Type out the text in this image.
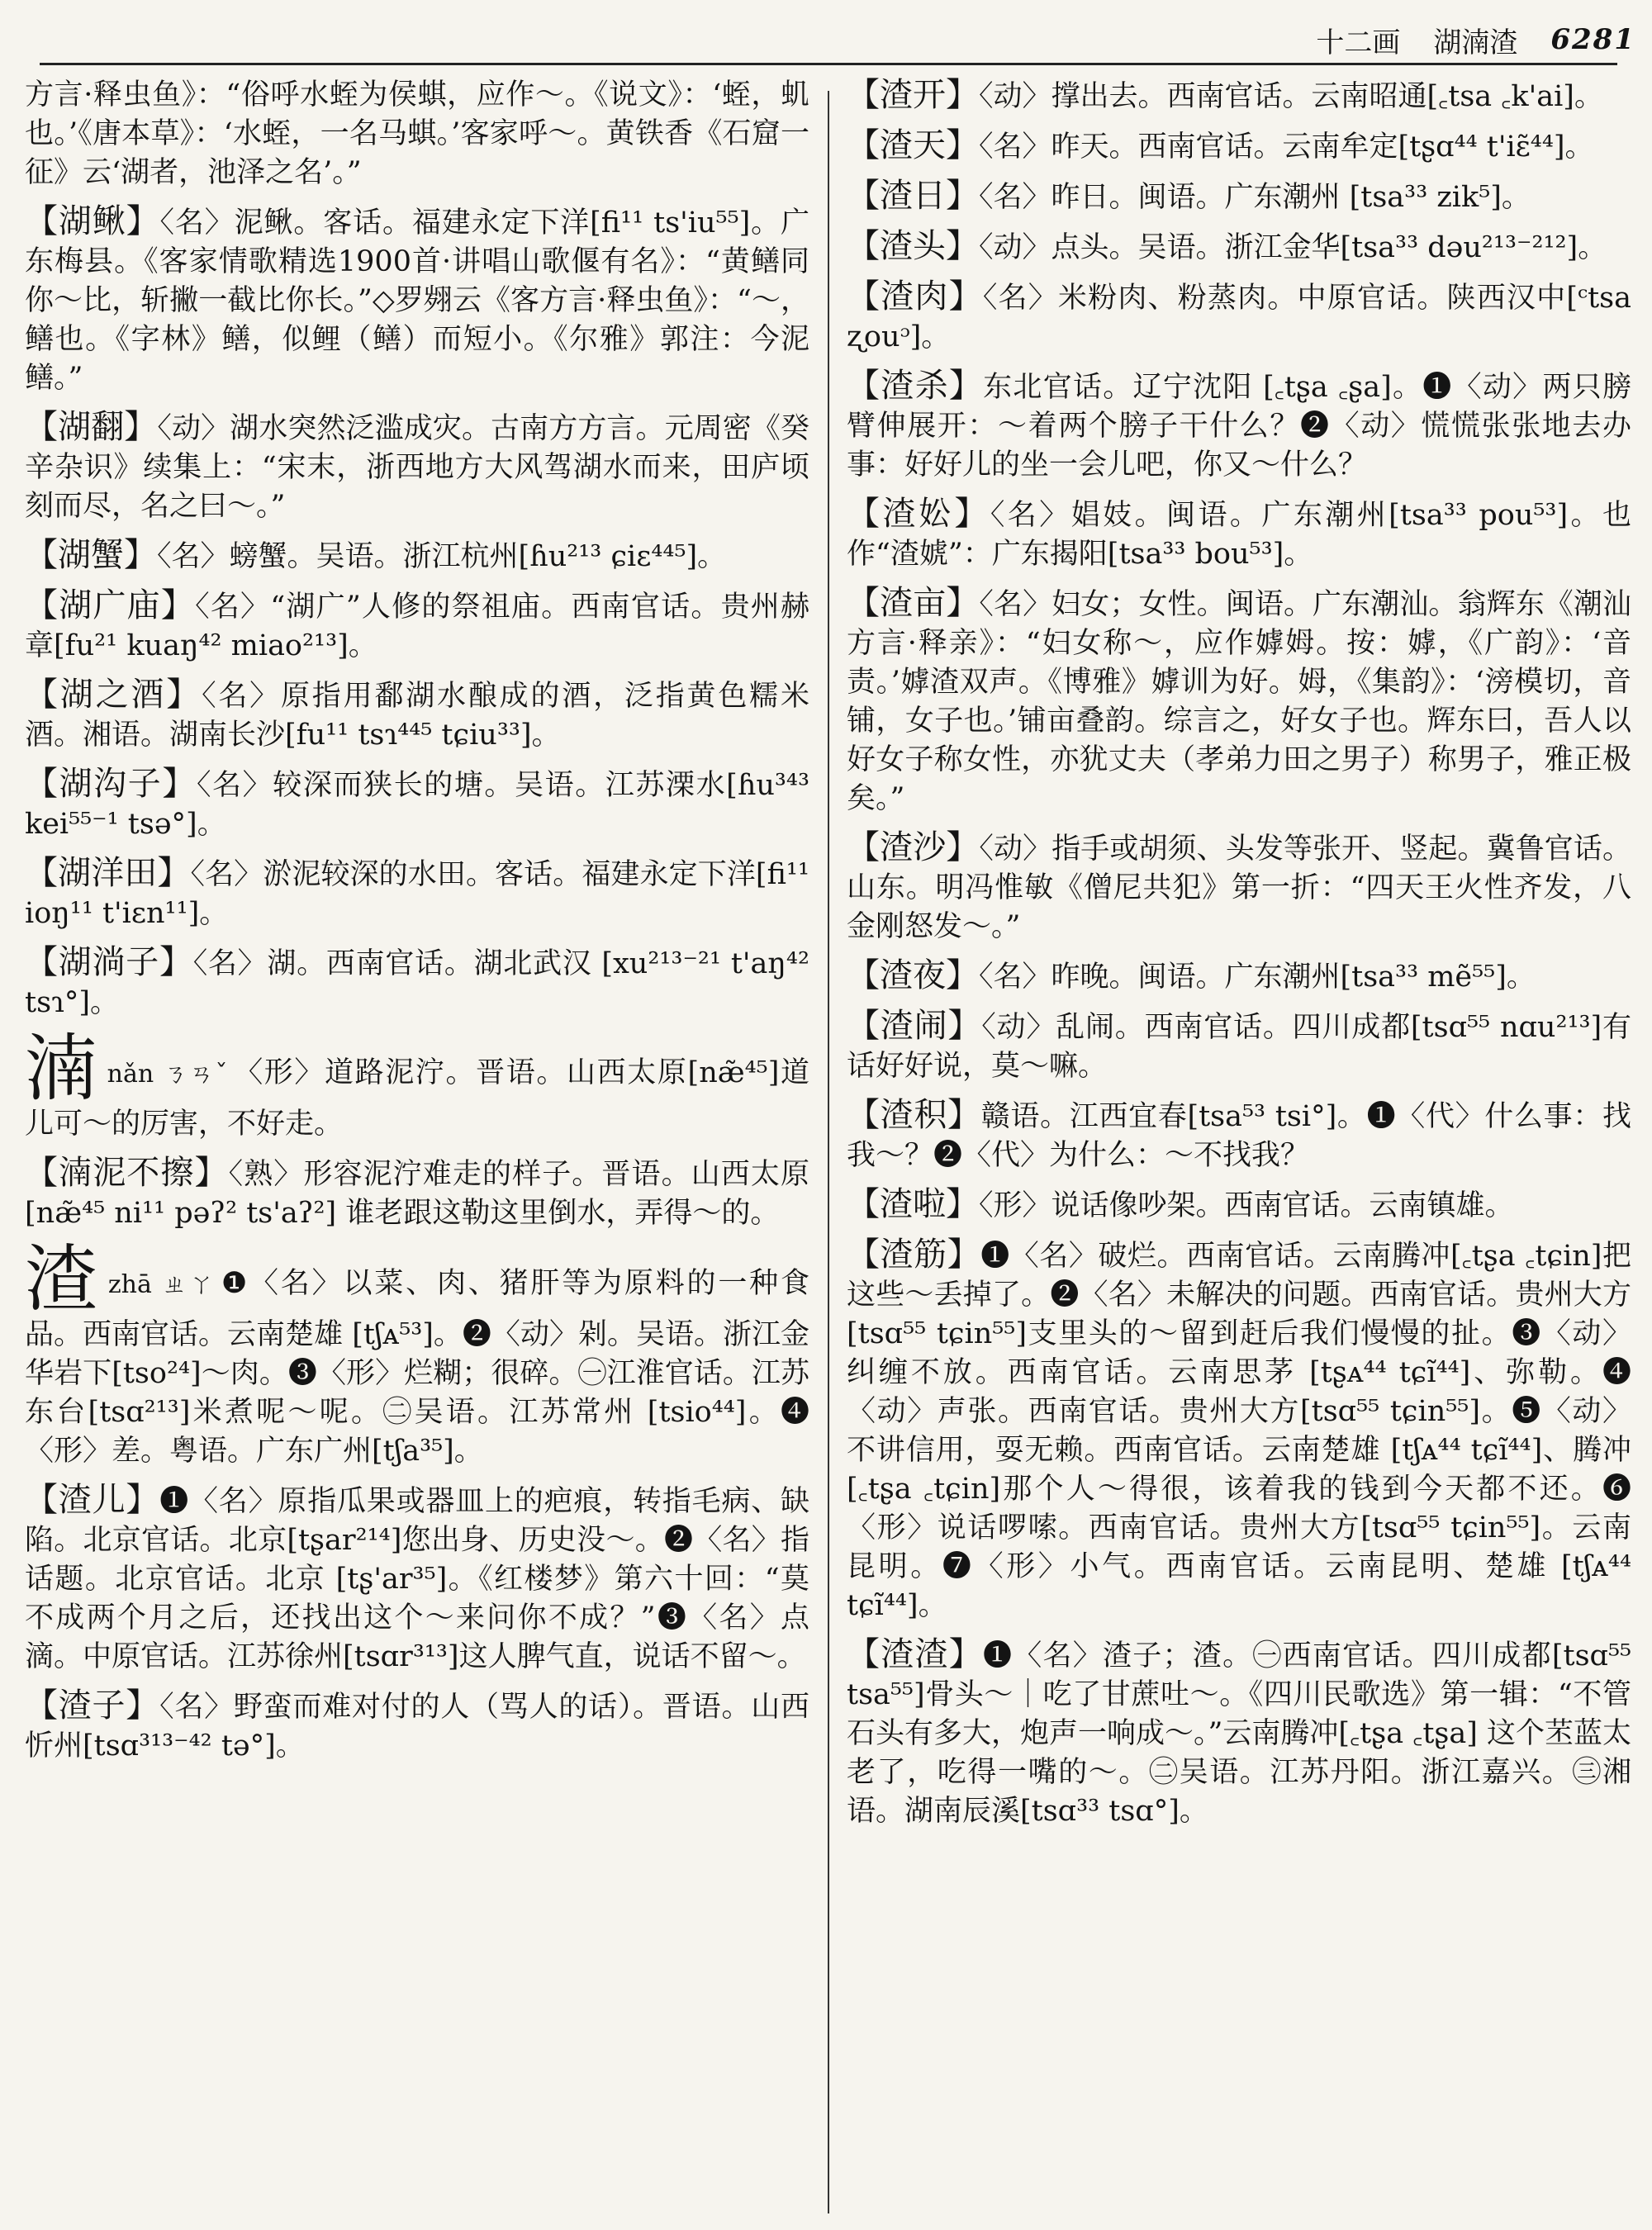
十二画 湖湳渣 6281
方言·释虫鱼》：“俗呼水蛭为侯蜞，应作～。《说文》：‘蛭，虮也。’《唐本草》：‘水蛭，一名马蜞。’客家呼～。黄铁香《石窟一征》云‘湖者，池泽之名’。”
【湖鳅】〈名〉泥鳅。客话。福建永定下洋[fi¹¹ ts'iu⁵⁵]。广东梅县。《客家情歌精选1900首·讲唱山歌偃有名》：“黄鳝同你～比，斩撇一截比你长。”◇罗翙云《客方言·释虫鱼》：“～，鳝也。《字林》鳝，似鲤（鳝）而短小。《尔雅》郭注：今泥鳝。”
【湖翻】〈动〉湖水突然泛滥成灾。古南方方言。元周密《癸辛杂识》续集上：“宋末，浙西地方大风驾湖水而来，田庐顷刻而尽，名之曰～。”
【湖蟹】〈名〉螃蟹。吴语。浙江杭州[ɦu²¹³ ɕiɛ⁴⁴⁵]。
【湖广庙】〈名〉“湖广”人修的祭祖庙。西南官话。贵州赫章[fu²¹ kuaŋ⁴² miao²¹³]。
【湖之酒】〈名〉原指用鄱湖水酿成的酒，泛指黄色糯米酒。湘语。湖南长沙[fu¹¹ tsɿ⁴⁴⁵ tɕiu³³]。
【湖沟子】〈名〉较深而狭长的塘。吴语。江苏溧水[ɦu³⁴³ kei⁵⁵⁻¹ tsə°]。
【湖洋田】〈名〉淤泥较深的水田。客话。福建永定下洋[fi¹¹ ioŋ¹¹ t'iɛn¹¹]。
【湖淌子】〈名〉湖。西南官话。湖北武汉 [xu²¹³⁻²¹ t'aŋ⁴² tsɿ°]。
湳nǎn ㄋㄢˇ 〈形〉道路泥泞。晋语。山西太原[næ̃⁴⁵]道儿可～的厉害，不好走。
【湳泥不擦】〈熟〉形容泥泞难走的样子。晋语。山西太原[næ̃⁴⁵ ni¹¹ pəʔ² ts'aʔ²] 谁老跟这勒这里倒水，弄得～的。
渣zhā ㄓㄚ ❶〈名〉以菜、肉、猪肝等为原料的一种食品。西南官话。云南楚雄 [tʃᴀ⁵³]。❷〈动〉剁。吴语。浙江金华岩下[tso²⁴]～肉。❸〈形〉烂糊；很碎。㊀江淮官话。江苏东台[tsɑ²¹³]米煮呢～呢。㊁吴语。江苏常州 [tsio⁴⁴]。❹〈形〉差。粤语。广东广州[tʃa³⁵]。
【渣儿】❶〈名〉原指瓜果或器皿上的疤痕，转指毛病、缺陷。北京官话。北京[tʂar²¹⁴]您出身、历史没～。❷〈名〉指话题。北京官话。北京 [tʂ'ar³⁵]。《红楼梦》第六十回：“莫不成两个月之后，还找出这个～来问你不成？”❸〈名〉点滴。中原官话。江苏徐州[tsɑr³¹³]这人脾气直，说话不留～。
【渣子】〈名〉野蛮而难对付的人（骂人的话）。晋语。山西忻州[tsɑ³¹³⁻⁴² tə°]。
【渣开】〈动〉撑出去。西南官话。云南昭通[꜀tsa ꜀k'ai]。
【渣天】〈名〉昨天。西南官话。云南牟定[tʂɑ⁴⁴ t'iɛ̃⁴⁴]。
【渣日】〈名〉昨日。闽语。广东潮州 [tsa³³ zik⁵]。
【渣头】〈动〉点头。吴语。浙江金华[tsa³³ dəu²¹³⁻²¹²]。
【渣肉】〈名〉米粉肉、粉蒸肉。中原官话。陕西汉中[ᶜtsa ʐouᵓ]。
【渣杀】东北官话。辽宁沈阳 [꜀tʂa ꜀ʂa]。❶〈动〉两只膀臂伸展开：～着两个膀子干什么？❷〈动〉慌慌张张地去办事：好好儿的坐一会儿吧，你又～什么？
【渣妐】〈名〉娼妓。闽语。广东潮州[tsa³³ pou⁵³]。也作“渣婋”：广东揭阳[tsa³³ bou⁵³]。
【渣亩】〈名〉妇女；女性。闽语。广东潮汕。翁辉东《潮汕方言·释亲》：“妇女称～，应作嫭姆。按：嫭，《广韵》：‘音责。’嫭渣双声。《博雅》嫭训为好。姆，《集韵》：‘滂模切，音铺，女子也。’铺亩叠韵。综言之，好女子也。辉东曰，吾人以好女子称女性，亦犹丈夫（孝弟力田之男子）称男子，雅正极矣。”
【渣沙】〈动〉指手或胡须、头发等张开、竖起。冀鲁官话。山东。明冯惟敏《僧尼共犯》第一折：“四天王火性齐发，八金刚怒发～。”
【渣夜】〈名〉昨晚。闽语。广东潮州[tsa³³ mẽ⁵⁵]。
【渣闹】〈动〉乱闹。西南官话。四川成都[tsɑ⁵⁵ nɑu²¹³]有话好好说，莫～嘛。
【渣积】赣语。江西宜春[tsa⁵³ tsi°]。❶〈代〉什么事：找我～？❷〈代〉为什么：～不找我？
【渣啦】〈形〉说话像吵架。西南官话。云南镇雄。
【渣筋】❶〈名〉破烂。西南官话。云南腾冲[꜀tʂa ꜀tɕin]把这些～丢掉了。❷〈名〉未解决的问题。西南官话。贵州大方 [tsɑ⁵⁵ tɕin⁵⁵]支里头的～留到赶后我们慢慢的扯。❸〈动〉纠缠不放。西南官话。云南思茅 [tʂᴀ⁴⁴ tɕĩ⁴⁴]、弥勒。❹〈动〉声张。西南官话。贵州大方[tsɑ⁵⁵ tɕin⁵⁵]。❺〈动〉不讲信用，耍无赖。西南官话。云南楚雄 [tʃᴀ⁴⁴ tɕĩ⁴⁴]、腾冲[꜀tʂa ꜀tɕin]那个人～得很，该着我的钱到今天都不还。❻〈形〉说话啰嗦。西南官话。贵州大方[tsɑ⁵⁵ tɕin⁵⁵]。云南昆明。❼〈形〉小气。西南官话。云南昆明、楚雄 [tʃᴀ⁴⁴ tɕĩ⁴⁴]。
【渣渣】❶〈名〉渣子；渣。㊀西南官话。四川成都[tsɑ⁵⁵ tsa⁵⁵]骨头～｜吃了甘蔗吐～。《四川民歌选》第一辑：“不管石头有多大，炮声一响成～。”云南腾冲[꜀tʂa ꜀tʂa] 这个苤蓝太老了，吃得一嘴的～。㊁吴语。江苏丹阳。浙江嘉兴。㊂湘语。湖南辰溪[tsɑ³³ tsɑ°]。
